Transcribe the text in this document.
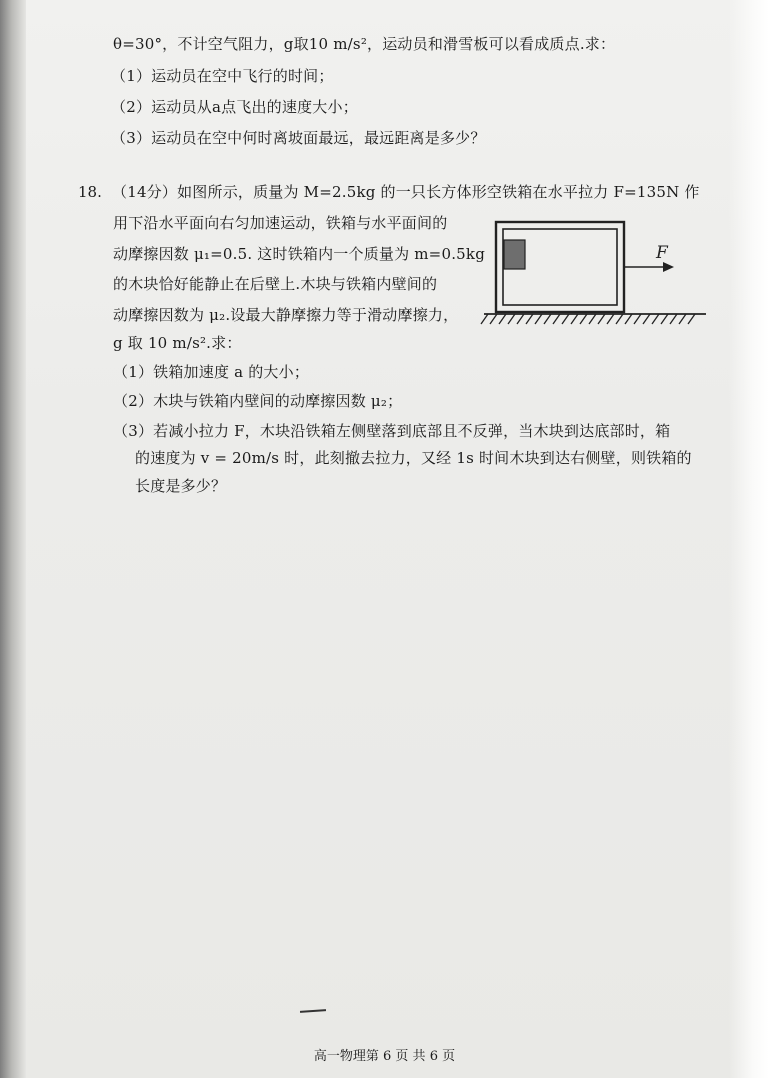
θ=30°，不计空气阻力，g取10 m/s²，运动员和滑雪板可以看成质点.求：
（1）运动员在空中飞行的时间；
（2）运动员从a点飞出的速度大小；
（3）运动员在空中何时离坡面最远，最远距离是多少？
18. （14分）如图所示，质量为 M=2.5kg 的一只长方体形空铁箱在水平拉力 F=135N 作
用下沿水平面向右匀加速运动，铁箱与水平面间的
动摩擦因数 μ₁=0.5. 这时铁箱内一个质量为 m=0.5kg
的木块恰好能静止在后壁上.木块与铁箱内壁间的
动摩擦因数为 μ₂.设最大静摩擦力等于滑动摩擦力，
g 取 10 m/s².求：
（1）铁箱加速度 a 的大小；
（2）木块与铁箱内壁间的动摩擦因数 μ₂；
（3）若减小拉力 F，木块沿铁箱左侧壁落到底部且不反弹，当木块到达底部时，箱
的速度为 v = 20m/s 时，此刻撤去拉力，又经 1s 时间木块到达右侧壁，则铁箱的
长度是多少？
F
高一物理第 6 页 共 6 页
